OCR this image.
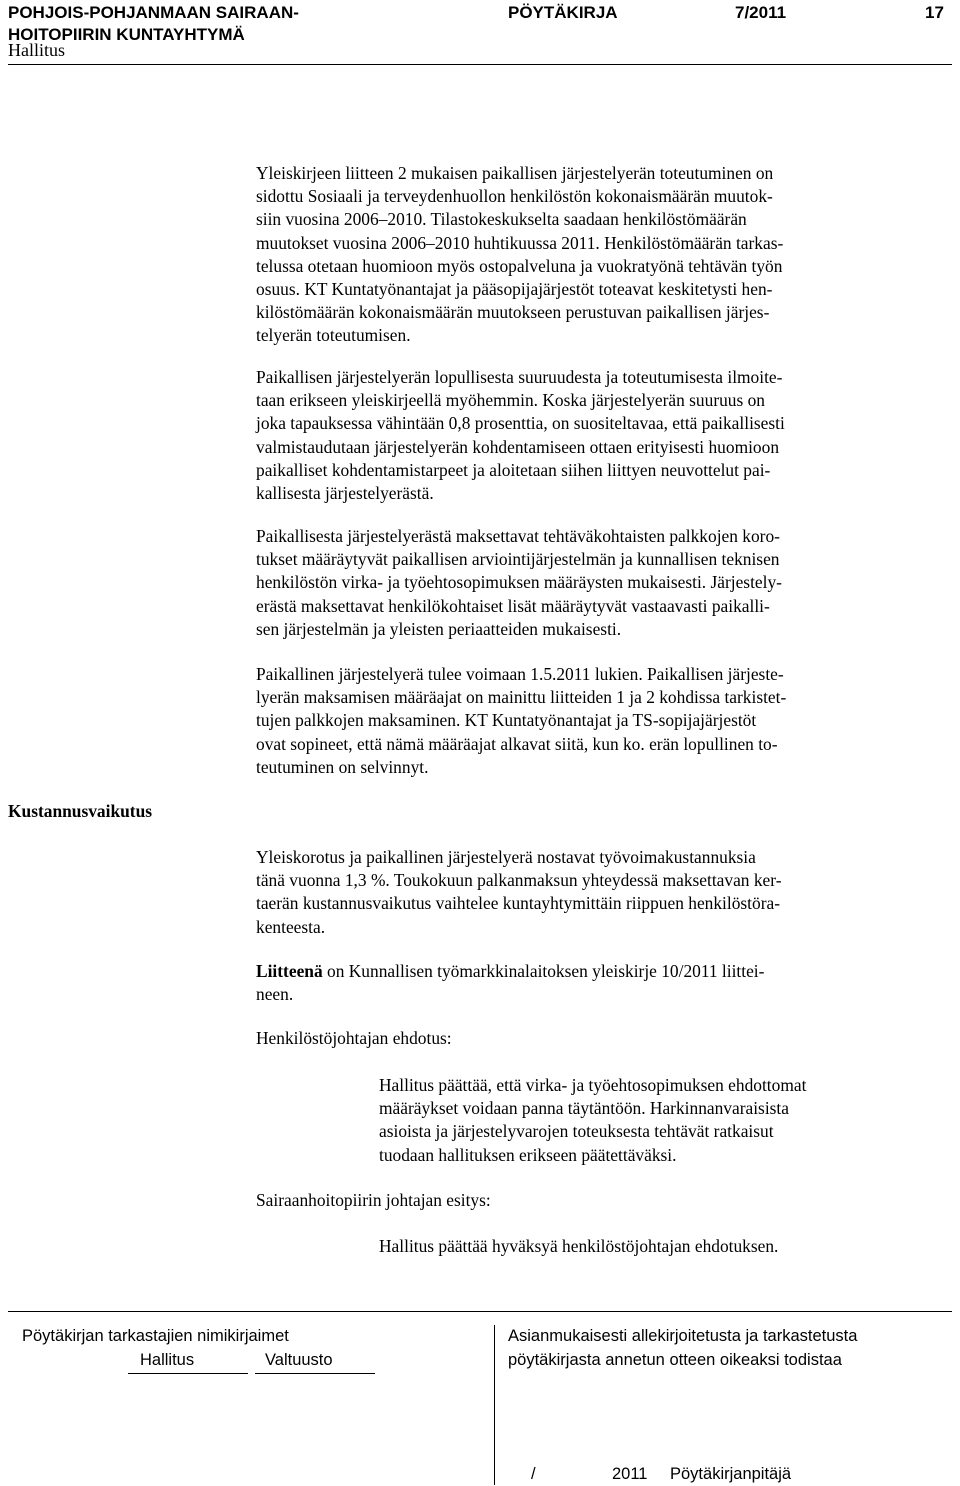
POHJOIS-POHJANMAAN SAIRAAN-
HOITOPIIRIN KUNTAYHTYMÄ
PÖYTÄKIRJA	7/2011	17
Hallitus
Yleiskirjeen liitteen 2 mukaisen paikallisen järjestelyerän toteutuminen on
sidottu Sosiaali ja terveydenhuollon henkilöstön kokonaismäärän muutok-
siin vuosina 2006–2010. Tilastokeskukselta saadaan henkilöstömäärän
muutokset vuosina 2006–2010 huhtikuussa 2011. Henkilöstömäärän tarkas-
telussa otetaan huomioon myös ostopalveluna ja vuokratyönä tehtävän työn
osuus. KT Kuntatyönantajat ja pääsopijajärjestöt toteavat keskitetysti hen-
kilöstömäärän kokonaismäärän muutokseen perustuvan paikallisen järjes-
telyerän toteutumisen.
Paikallisen järjestelyerän lopullisesta suuruudesta ja toteutumisesta ilmoite-
taan erikseen yleiskirjeellä myöhemmin. Koska järjestelyerän suuruus on
joka tapauksessa vähintään 0,8 prosenttia, on suositeltavaa, että paikallisesti
valmistaudutaan järjestelyerän kohdentamiseen ottaen erityisesti huomioon
paikalliset kohdentamistarpeet ja aloitetaan siihen liittyen neuvottelut pai-
kallisesta järjestelyerästä.
Paikallisesta järjestelyerästä maksettavat tehtäväkohtaisten palkkojen koro-
tukset määräytyvät paikallisen arviointijärjestelmän ja kunnallisen teknisen
henkilöstön virka- ja työehtosopimuksen määräysten mukaisesti. Järjestely-
erästä maksettavat henkilökohtaiset lisät määräytyvät vastaavasti paikalli-
sen järjestelmän ja yleisten periaatteiden mukaisesti.
Paikallinen järjestelyerä tulee voimaan 1.5.2011 lukien. Paikallisen järjeste-
lyerän maksamisen määräajat on mainittu liitteiden 1 ja 2 kohdissa tarkistet-
tujen palkkojen maksaminen. KT Kuntatyönantajat ja TS-sopijajärjestöt
ovat sopineet, että nämä määräajat alkavat siitä, kun ko. erän lopullinen to-
teutuminen on selvinnyt.
Kustannusvaikutus
Yleiskorotus ja paikallinen järjestelyerä nostavat työvoimakustannuksia
tänä vuonna 1,3 %. Toukokuun palkanmaksun yhteydessä maksettavan ker-
taerän kustannusvaikutus vaihtelee kuntayhtymittäin riippuen henkilöstöra-
kenteesta.
Liitteenä on Kunnallisen työmarkkinalaitoksen yleiskirje 10/2011 liittei-
neen.
Henkilöstöjohtajan ehdotus:
Hallitus päättää, että virka- ja työehtosopimuksen ehdottomat
määräykset voidaan panna täytäntöön. Harkinnanvaraisista
asioista ja järjestelyvarojen toteuksesta tehtävät ratkaisut
tuodaan hallituksen erikseen päätettäväksi.
Sairaanhoitopiirin johtajan esitys:
Hallitus päättää hyväksyä henkilöstöjohtajan ehdotuksen.
Pöytäkirjan tarkastajien nimikirjaimet
Hallitus	Valtuusto
Asianmukaisesti allekirjoitetusta ja tarkastetusta
pöytäkirjasta annetun otteen oikeaksi todistaa
/	2011 Pöytäkirjanpitäjä
